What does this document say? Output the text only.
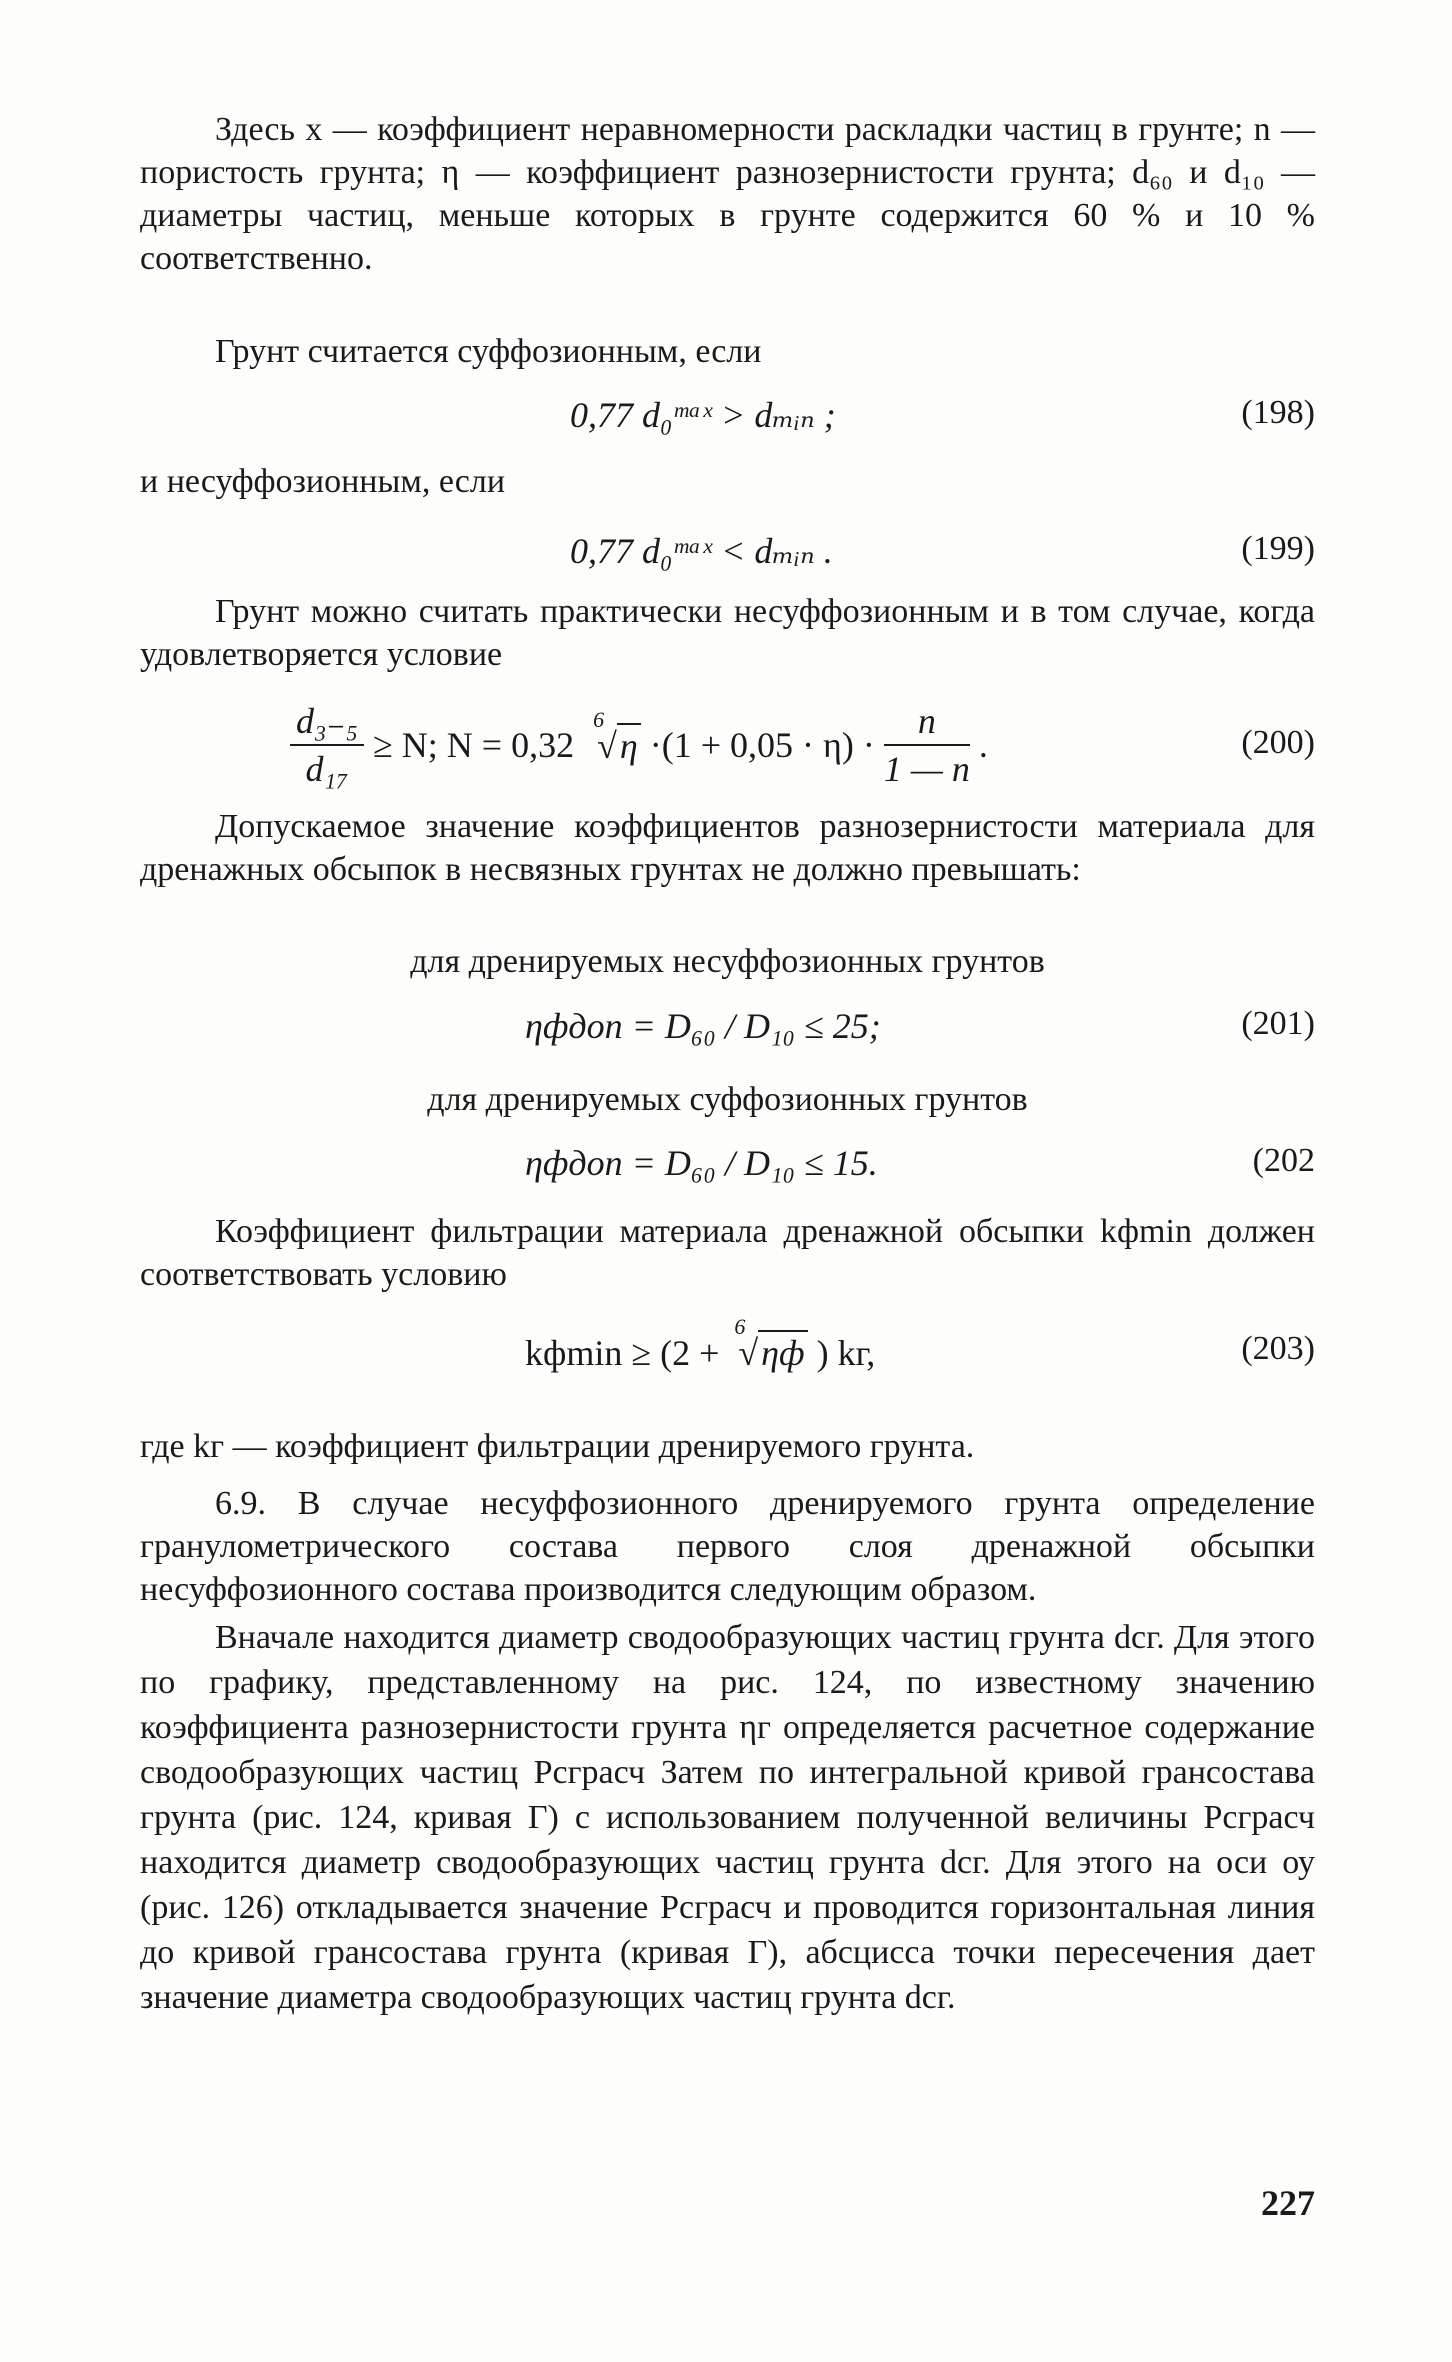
Здесь x — коэффициент неравномерности раскладки частиц в грунте; n — пористость грунта; η — коэффициент разнозернистости грунта; d₆₀ и d₁₀ — диаметры частиц, меньше которых в грунте содержится 60 % и 10 % соответственно.

Грунт считается суффозионным, если

0,77 d₀ᵐᵃˣ > dₘᵢₙ ;	(198)

и несуффозионным, если

0,77 d₀ᵐᵃˣ < dₘᵢₙ .	(199)

Грунт можно считать практически несуффозионным и в том случае, когда удовлетворяется условие

$\frac{\text{d₃₋₅}}{\text{d₁₇}} \ge N$; N = 0,32
6
$√\eta \cdot(1 + 0,05 \cdot \eta) \cdot \frac{n}{1 — n}$ .	(200)

Допускаемое значение коэффициентов разнозернистости материала для дренажных обсыпок в несвязных грунтах не должно превышать:

для дренируемых несуффозионных грунтов

ηфдоп = D₆₀ / D₁₀ ≤ 25;	(201)

для дренируемых суффозионных грунтов

ηфдоп = D₆₀ / D₁₀ ≤ 15.	(202

Коэффициент фильтрации материала дренажной обсыпки kфmin должен соответствовать условию

kфmin ≥ (2 +
6
√ηф ) kг,	(203)

где kг — коэффициент фильтрации дренируемого грунта.

6.9. В случае несуффозионного дренируемого грунта определение гранулометрического состава первого слоя дренажной обсыпки несуффозионного состава производится следующим образом.

Вначале находится диаметр сводообразующих частиц грунта dсг. Для этого по графику, представленному на рис. 124, по известному значению коэффициента разнозернистости грунта ηг определяется расчетное содержание сводообразующих частиц Pсграсч Затем по интегральной кривой грансостава грунта (рис. 124, кривая Г) с использованием полученной величины Pсграсч находится диаметр сводообразующих частиц грунта dсг. Для этого на оси оу (рис. 126) откладывается значение Pсграсч и проводится горизонтальная линия до кривой грансостава грунта (кривая Г), абсцисса точки пересечения дает значение диаметра сводообразующих частиц грунта dсг.

227
